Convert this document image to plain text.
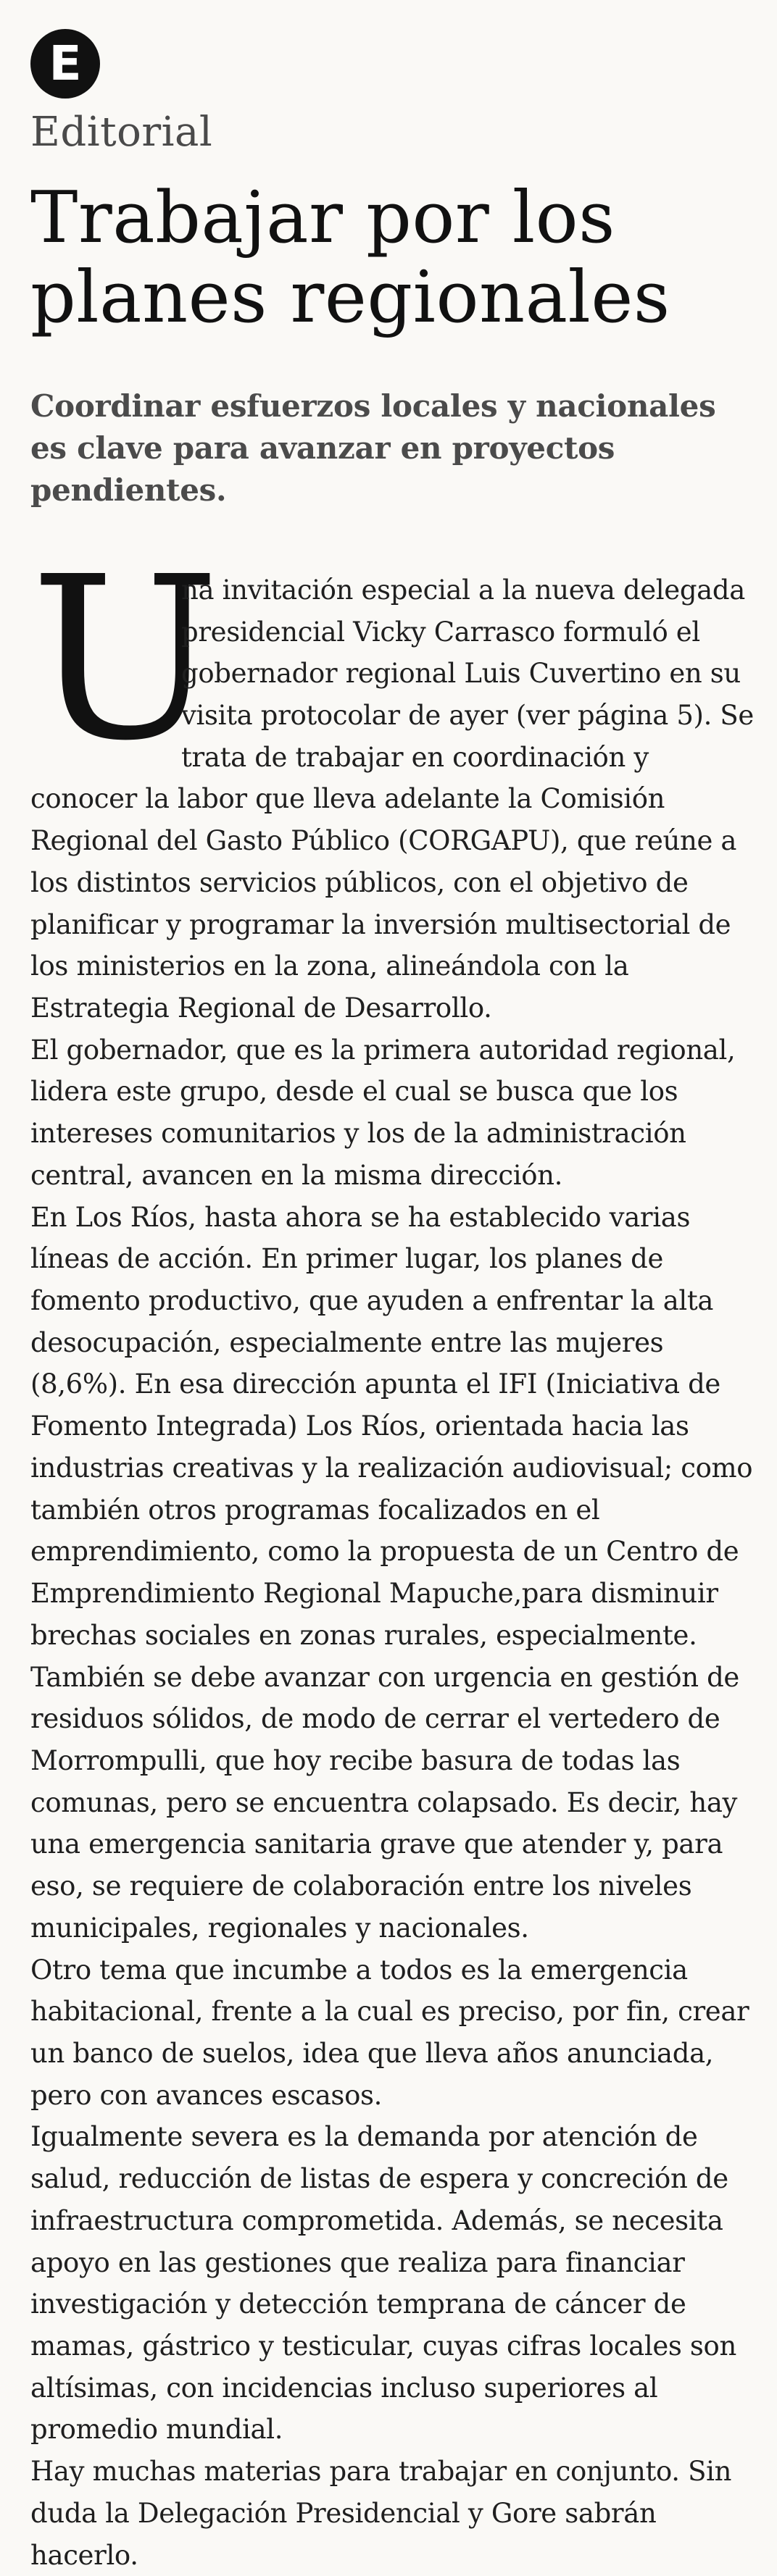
E
Editorial
Trabajar por los
planes regionales
Coordinar esfuerzos locales y nacionales es clave para avanzar en proyectos pendientes.

U
na invitación especial a la nueva delegada presidencial Vicky Carrasco formuló el gobernador regional Luis Cuvertino en su visita protocolar de ayer (ver página 5). Se trata de trabajar en coordinación y conocer la labor que lleva adelante la Comisión Regional del Gasto Público (CORGAPU), que reúne a los distintos servicios públicos, con el objetivo de planificar y programar la inversión multisectorial de los ministerios en la zona, alineándola con la Estrategia Regional de Desarrollo.

El gobernador, que es la primera autoridad regional, lidera este grupo, desde el cual se busca que los intereses comunitarios y los de la administración central, avancen en la misma dirección.

En Los Ríos, hasta ahora se ha establecido varias líneas de acción. En primer lugar, los planes de fomento productivo, que ayuden a enfrentar la alta desocupación, especialmente entre las mujeres (8,6%). En esa dirección apunta el IFI (Iniciativa de Fomento Integrada) Los Ríos, orientada hacia las industrias creativas y la realización audiovisual; como también otros programas focalizados en el emprendimiento, como la propuesta de un Centro de Emprendimiento Regional Mapuche,para disminuir brechas sociales en zonas rurales, especialmente.

También se debe avanzar con urgencia en gestión de residuos sólidos, de modo de cerrar el vertedero de Morrompulli, que hoy recibe basura de todas las comunas, pero se encuentra colapsado. Es decir, hay una emergencia sanitaria grave que atender y, para eso, se requiere de colaboración entre los niveles municipales, regionales y nacionales.

Otro tema que incumbe a todos es la emergencia habitacional, frente a la cual es preciso, por fin, crear un banco de suelos, idea que lleva años anunciada, pero con avances escasos.

Igualmente severa es la demanda por atención de salud, reducción de listas de espera y concreción de infraestructura comprometida. Además, se necesita apoyo en las gestiones que realiza para financiar investigación y detección temprana de cáncer de mamas, gástrico y testicular, cuyas cifras locales son altísimas, con incidencias incluso superiores al promedio mundial.

Hay muchas materias para trabajar en conjunto. Sin duda la Delegación Presidencial y Gore sabrán hacerlo.
